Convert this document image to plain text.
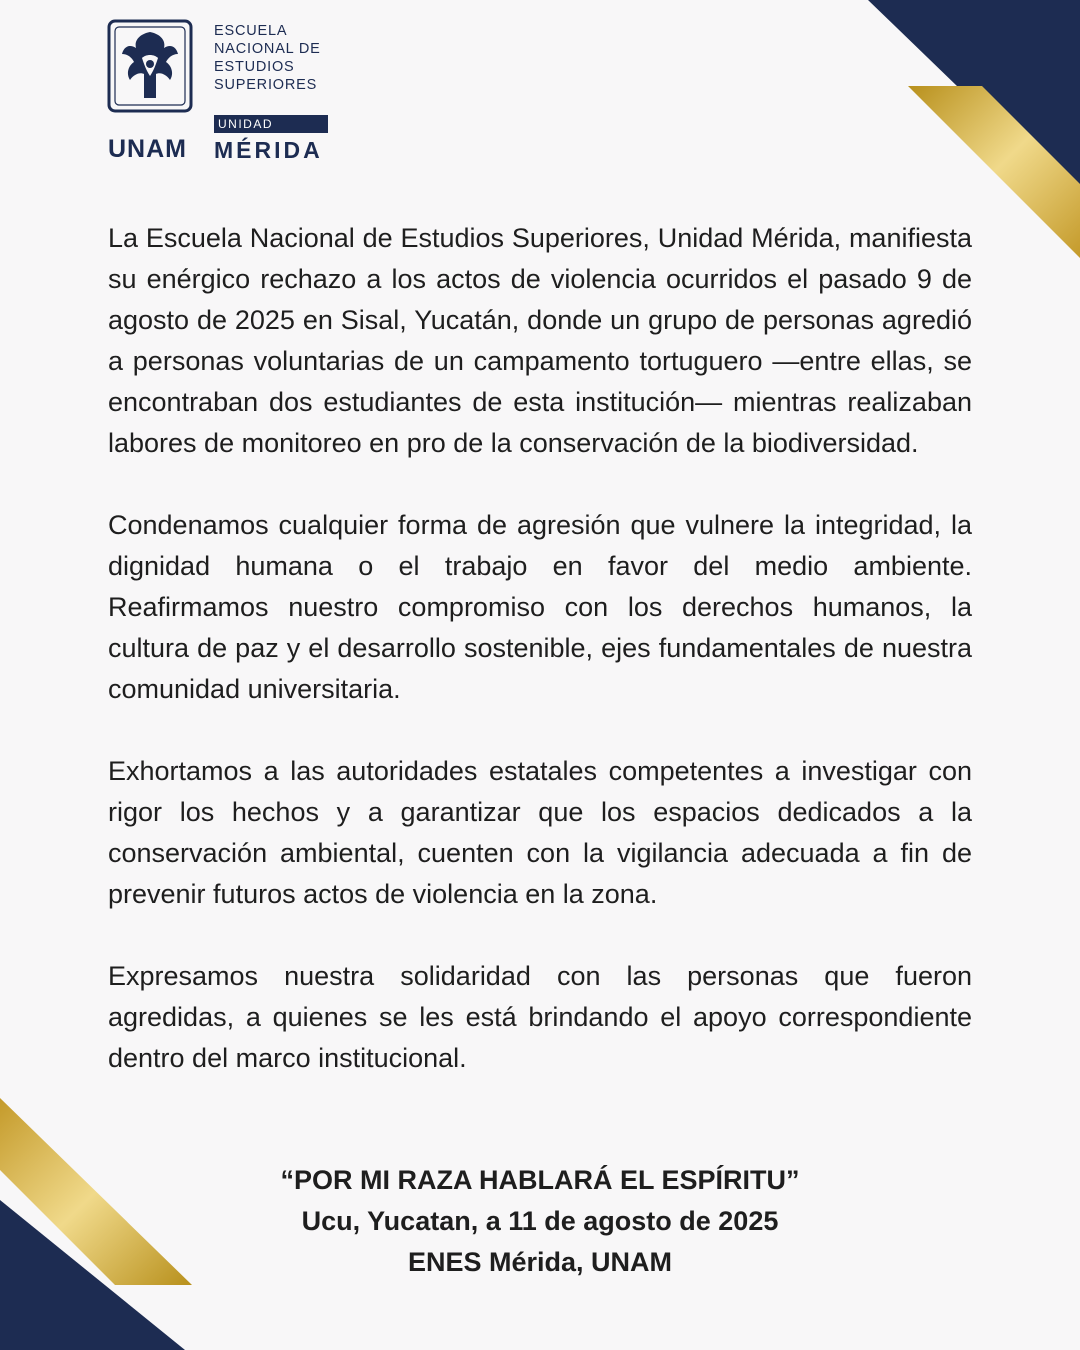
UNAM
ESCUELA
NACIONAL DE
ESTUDIOS
SUPERIORES
UNIDAD
MÉRIDA

La Escuela Nacional de Estudios Superiores, Unidad Mérida, manifiesta su enérgico rechazo a los actos de violencia ocurridos el pasado 9 de agosto de 2025 en Sisal, Yucatán, donde un grupo de personas agredió a personas voluntarias de un campamento tortuguero —entre ellas, se encontraban dos estudiantes de esta institución— mientras realizaban labores de monitoreo en pro de la conservación de la biodiversidad.

Condenamos cualquier forma de agresión que vulnere la integridad, la dignidad humana o el trabajo en favor del medio ambiente. Reafirmamos nuestro compromiso con los derechos humanos, la cultura de paz y el desarrollo sostenible, ejes fundamentales de nuestra comunidad universitaria.

Exhortamos a las autoridades estatales competentes a investigar con rigor los hechos y a garantizar que los espacios dedicados a la conservación ambiental, cuenten con la vigilancia adecuada a fin de prevenir futuros actos de violencia en la zona.

Expresamos nuestra solidaridad con las personas que fueron agredidas, a quienes se les está brindando el apoyo correspondiente dentro del marco institucional.

“POR MI RAZA HABLARÁ EL ESPÍRITU”
Ucu, Yucatan, a 11 de agosto de 2025
ENES Mérida, UNAM
